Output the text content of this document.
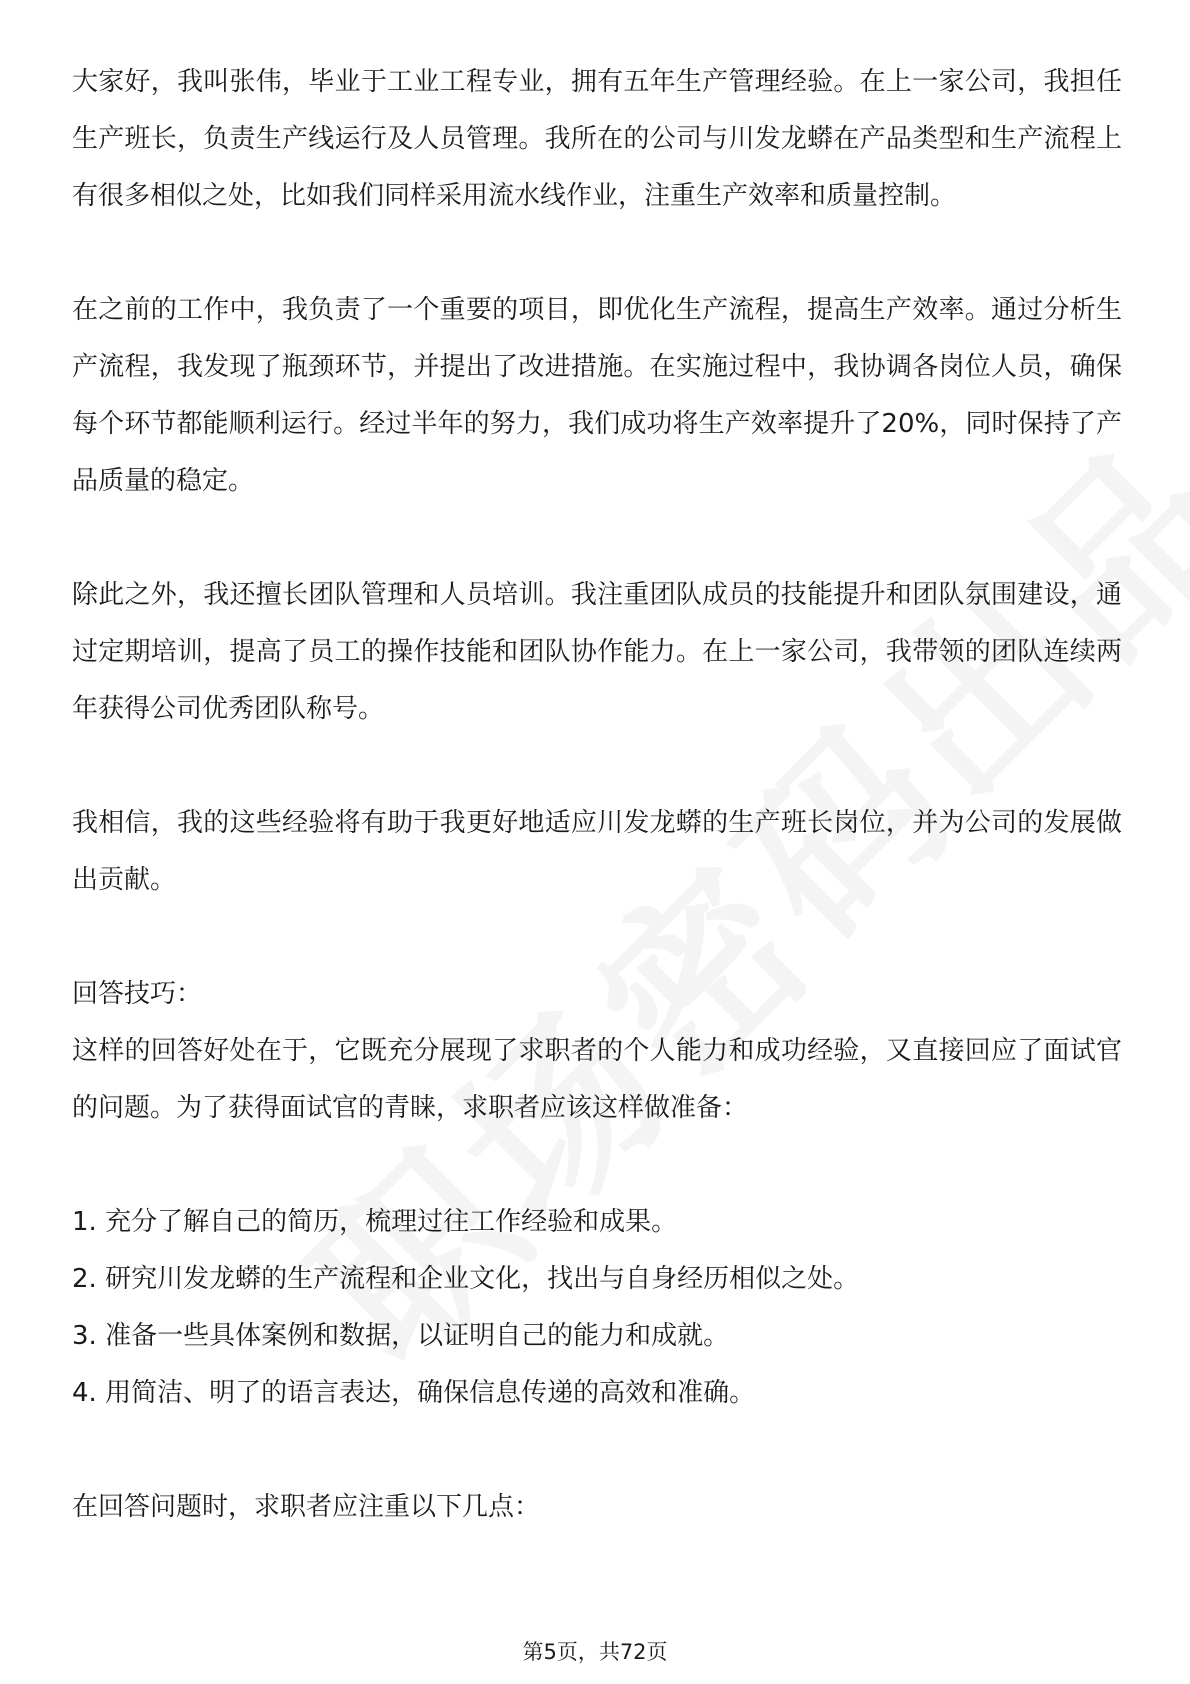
大家好，我叫张伟，毕业于工业工程专业，拥有五年生产管理经验。在上一家公司，我担任生产班长，负责生产线运行及人员管理。我所在的公司与川发龙蟒在产品类型和生产流程上有很多相似之处，比如我们同样采用流水线作业，注重生产效率和质量控制。

在之前的工作中，我负责了一个重要的项目，即优化生产流程，提高生产效率。通过分析生产流程，我发现了瓶颈环节，并提出了改进措施。在实施过程中，我协调各岗位人员，确保每个环节都能顺利运行。经过半年的努力，我们成功将生产效率提升了20%，同时保持了产品质量的稳定。

除此之外，我还擅长团队管理和人员培训。我注重团队成员的技能提升和团队氛围建设，通过定期培训，提高了员工的操作技能和团队协作能力。在上一家公司，我带领的团队连续两年获得公司优秀团队称号。

我相信，我的这些经验将有助于我更好地适应川发龙蟒的生产班长岗位，并为公司的发展做出贡献。

回答技巧：

这样的回答好处在于，它既充分展现了求职者的个人能力和成功经验，又直接回应了面试官的问题。为了获得面试官的青睐，求职者应该这样做准备：

1. 充分了解自己的简历，梳理过往工作经验和成果。

2. 研究川发龙蟒的生产流程和企业文化，找出与自身经历相似之处。

3. 准备一些具体案例和数据，以证明自己的能力和成就。

4. 用简洁、明了的语言表达，确保信息传递的高效和准确。

在回答问题时，求职者应注重以下几点：

第5页，共72页
